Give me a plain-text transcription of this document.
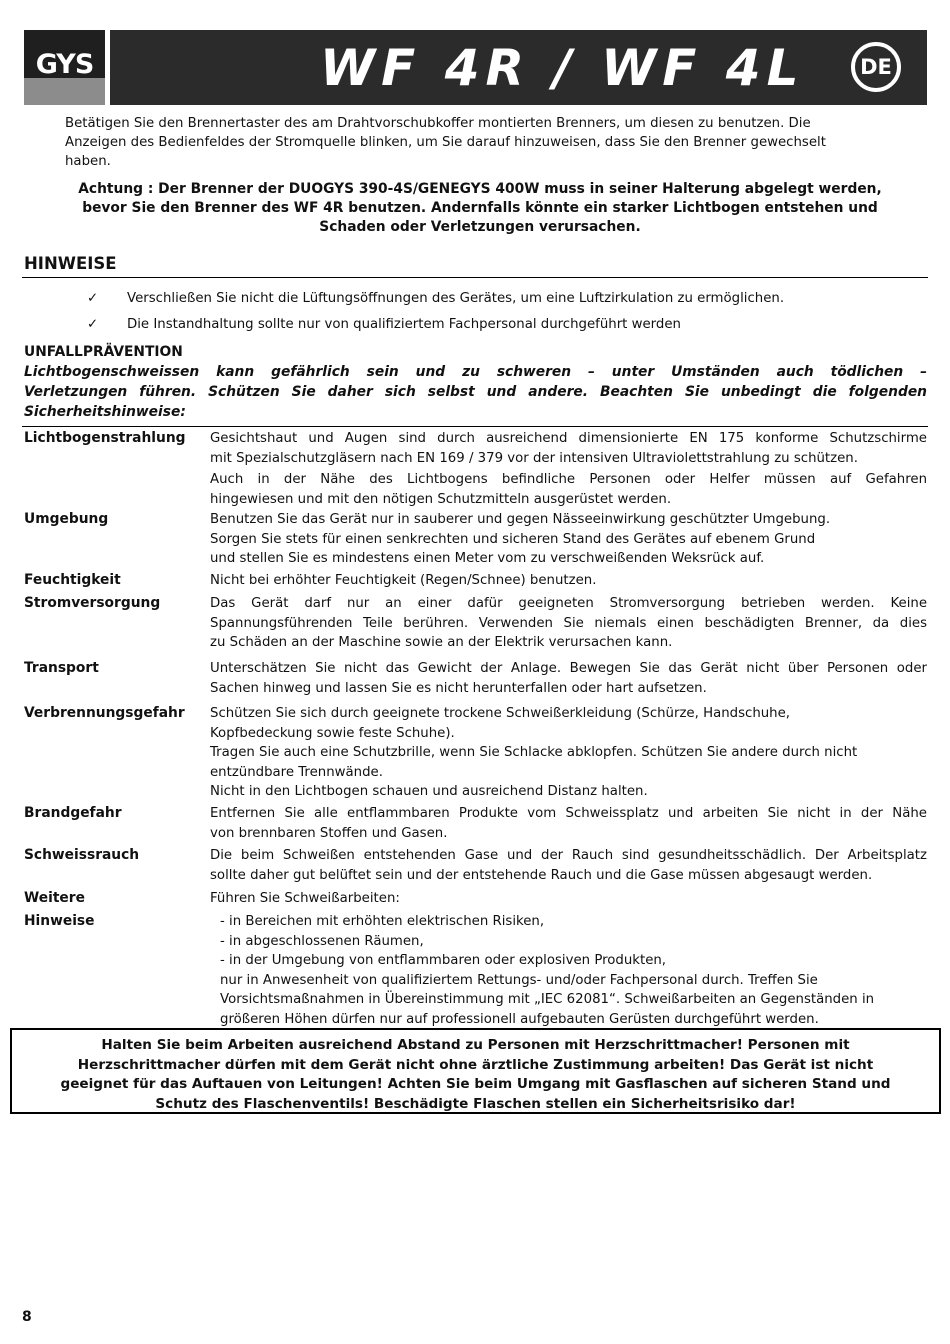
GYS	WF 4R / WF 4L	DE
Betätigen Sie den Brennertaster des am Drahtvorschubkoffer montierten Brenners, um diesen zu benutzen. Die
Anzeigen des Bedienfeldes der Stromquelle blinken, um Sie darauf hinzuweisen, dass Sie den Brenner gewechselt
haben.
Achtung : Der Brenner der DUOGYS 390-4S/GENEGYS 400W muss in seiner Halterung abgelegt werden,
bevor Sie den Brenner des WF 4R benutzen. Andernfalls könnte ein starker Lichtbogen entstehen und
Schaden oder Verletzungen verursachen.
HINWEISE
✓ Verschließen Sie nicht die Lüftungsöffnungen des Gerätes, um eine Luftzirkulation zu ermöglichen.
✓ Die Instandhaltung sollte nur von qualifiziertem Fachpersonal durchgeführt werden
UNFALLPRÄVENTION
Lichtbogenschweissen kann gefährlich sein und zu schweren – unter Umständen auch tödlichen –
Verletzungen führen. Schützen Sie daher sich selbst und andere. Beachten Sie unbedingt die folgenden
Sicherheitshinweise:
Lichtbogenstrahlung Gesichtshaut und Augen sind durch ausreichend dimensionierte EN 175 konforme Schutzschirme
mit Spezialschutzgläsern nach EN 169 / 379 vor der intensiven Ultraviolettstrahlung zu schützen.
Auch in der Nähe des Lichtbogens befindliche Personen oder Helfer müssen auf Gefahren
hingewiesen und mit den nötigen Schutzmitteln ausgerüstet werden.
Umgebung	Benutzen Sie das Gerät nur in sauberer und gegen Nässeeinwirkung geschützter Umgebung.
Sorgen Sie stets für einen senkrechten und sicheren Stand des Gerätes auf ebenem Grund
und stellen Sie es mindestens einen Meter vom zu verschweißenden Weksrück auf.
Feuchtigkeit	Nicht bei erhöhter Feuchtigkeit (Regen/Schnee) benutzen.
Stromversorgung	Das Gerät darf nur an einer dafür geeigneten Stromversorgung betrieben werden. Keine
Spannungsführenden Teile berühren. Verwenden Sie niemals einen beschädigten Brenner, da dies
zu Schäden an der Maschine sowie an der Elektrik verursachen kann.
Transport	Unterschätzen Sie nicht das Gewicht der Anlage. Bewegen Sie das Gerät nicht über Personen oder
Sachen hinweg und lassen Sie es nicht herunterfallen oder hart aufsetzen.
Verbrennungsgefahr Schützen Sie sich durch geeignete trockene Schweißerkleidung (Schürze, Handschuhe,
Kopfbedeckung sowie feste Schuhe).
Tragen Sie auch eine Schutzbrille, wenn Sie Schlacke abklopfen. Schützen Sie andere durch nicht
entzündbare Trennwände.
Nicht in den Lichtbogen schauen und ausreichend Distanz halten.
Brandgefahr	Entfernen Sie alle entflammbaren Produkte vom Schweissplatz und arbeiten Sie nicht in der Nähe
von brennbaren Stoffen und Gasen.
Schweissrauch	Die beim Schweißen entstehenden Gase und der Rauch sind gesundheitsschädlich. Der Arbeitsplatz
sollte daher gut belüftet sein und der entstehende Rauch und die Gase müssen abgesaugt werden.
Weitere
Hinweise
Führen Sie Schweißarbeiten:
- in Bereichen mit erhöhten elektrischen Risiken,
- in abgeschlossenen Räumen,
- in der Umgebung von entflammbaren oder explosiven Produkten,
nur in Anwesenheit von qualifiziertem Rettungs- und/oder Fachpersonal durch. Treffen Sie
Vorsichtsmaßnahmen in Übereinstimmung mit „IEC 62081“. Schweißarbeiten an Gegenständen in
größeren Höhen dürfen nur auf professionell aufgebauten Gerüsten durchgeführt werden.
Halten Sie beim Arbeiten ausreichend Abstand zu Personen mit Herzschrittmacher! Personen mit
Herzschrittmacher dürfen mit dem Gerät nicht ohne ärztliche Zustimmung arbeiten! Das Gerät ist nicht
geeignet für das Auftauen von Leitungen! Achten Sie beim Umgang mit Gasflaschen auf sicheren Stand und
Schutz des Flaschenventils! Beschädigte Flaschen stellen ein Sicherheitsrisiko dar!
8
